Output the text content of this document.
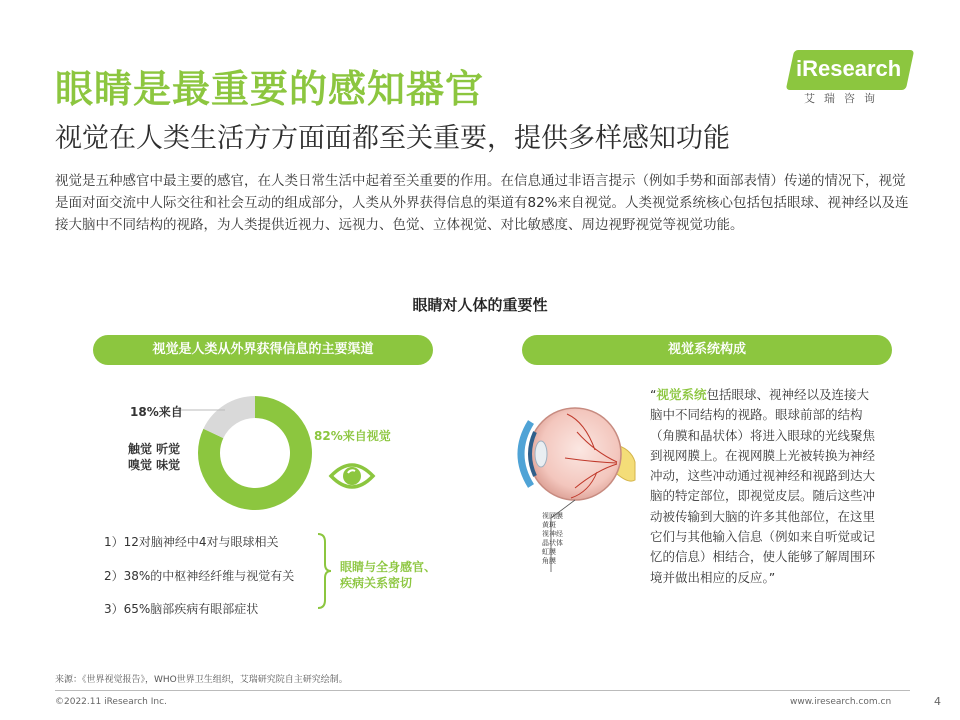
眼睛是最重要的感知器官
视觉在人类生活方方面面都至关重要，提供多样感知功能
iResearch
艾瑞咨询
视觉是五种感官中最主要的感官，在人类日常生活中起着至关重要的作用。在信息通过非语言提示（例如手势和面部表情）传递的情况下，视觉是面对面交流中人际交往和社会互动的组成部分，人类从外界获得信息的渠道有82%来自视觉。人类视觉系统核心包括包括眼球、视神经以及连接大脑中不同结构的视路，为人类提供近视力、远视力、色觉、立体视觉、对比敏感度、周边视野视觉等视觉功能。
眼睛对人体的重要性
视觉是人类从外界获得信息的主要渠道
18%来自
触觉 听觉
嗅觉 味觉
82%来自视觉
1）12对脑神经中4对与眼球相关
2）38%的中枢神经纤维与视觉有关
3）65%脑部疾病有眼部症状
眼睛与全身感官、
疾病关系密切
视觉系统构成
视网膜
黄斑
视神经
晶状体
虹膜
角膜
“视觉系统包括眼球、视神经以及连接大脑中不同结构的视路。眼球前部的结构（角膜和晶状体）将进入眼球的光线聚焦到视网膜上。在视网膜上光被转换为神经冲动，这些冲动通过视神经和视路到达大脑的特定部位，即视觉皮层。随后这些冲动被传输到大脑的许多其他部位，在这里它们与其他输入信息（例如来自听觉或记忆的信息）相结合，使人能够了解周围环境并做出相应的反应。”
来源：《世界视觉报告》，WHO世界卫生组织，艾瑞研究院自主研究绘制。
©2022.11 iResearch Inc.	www.iresearch.com.cn	4
